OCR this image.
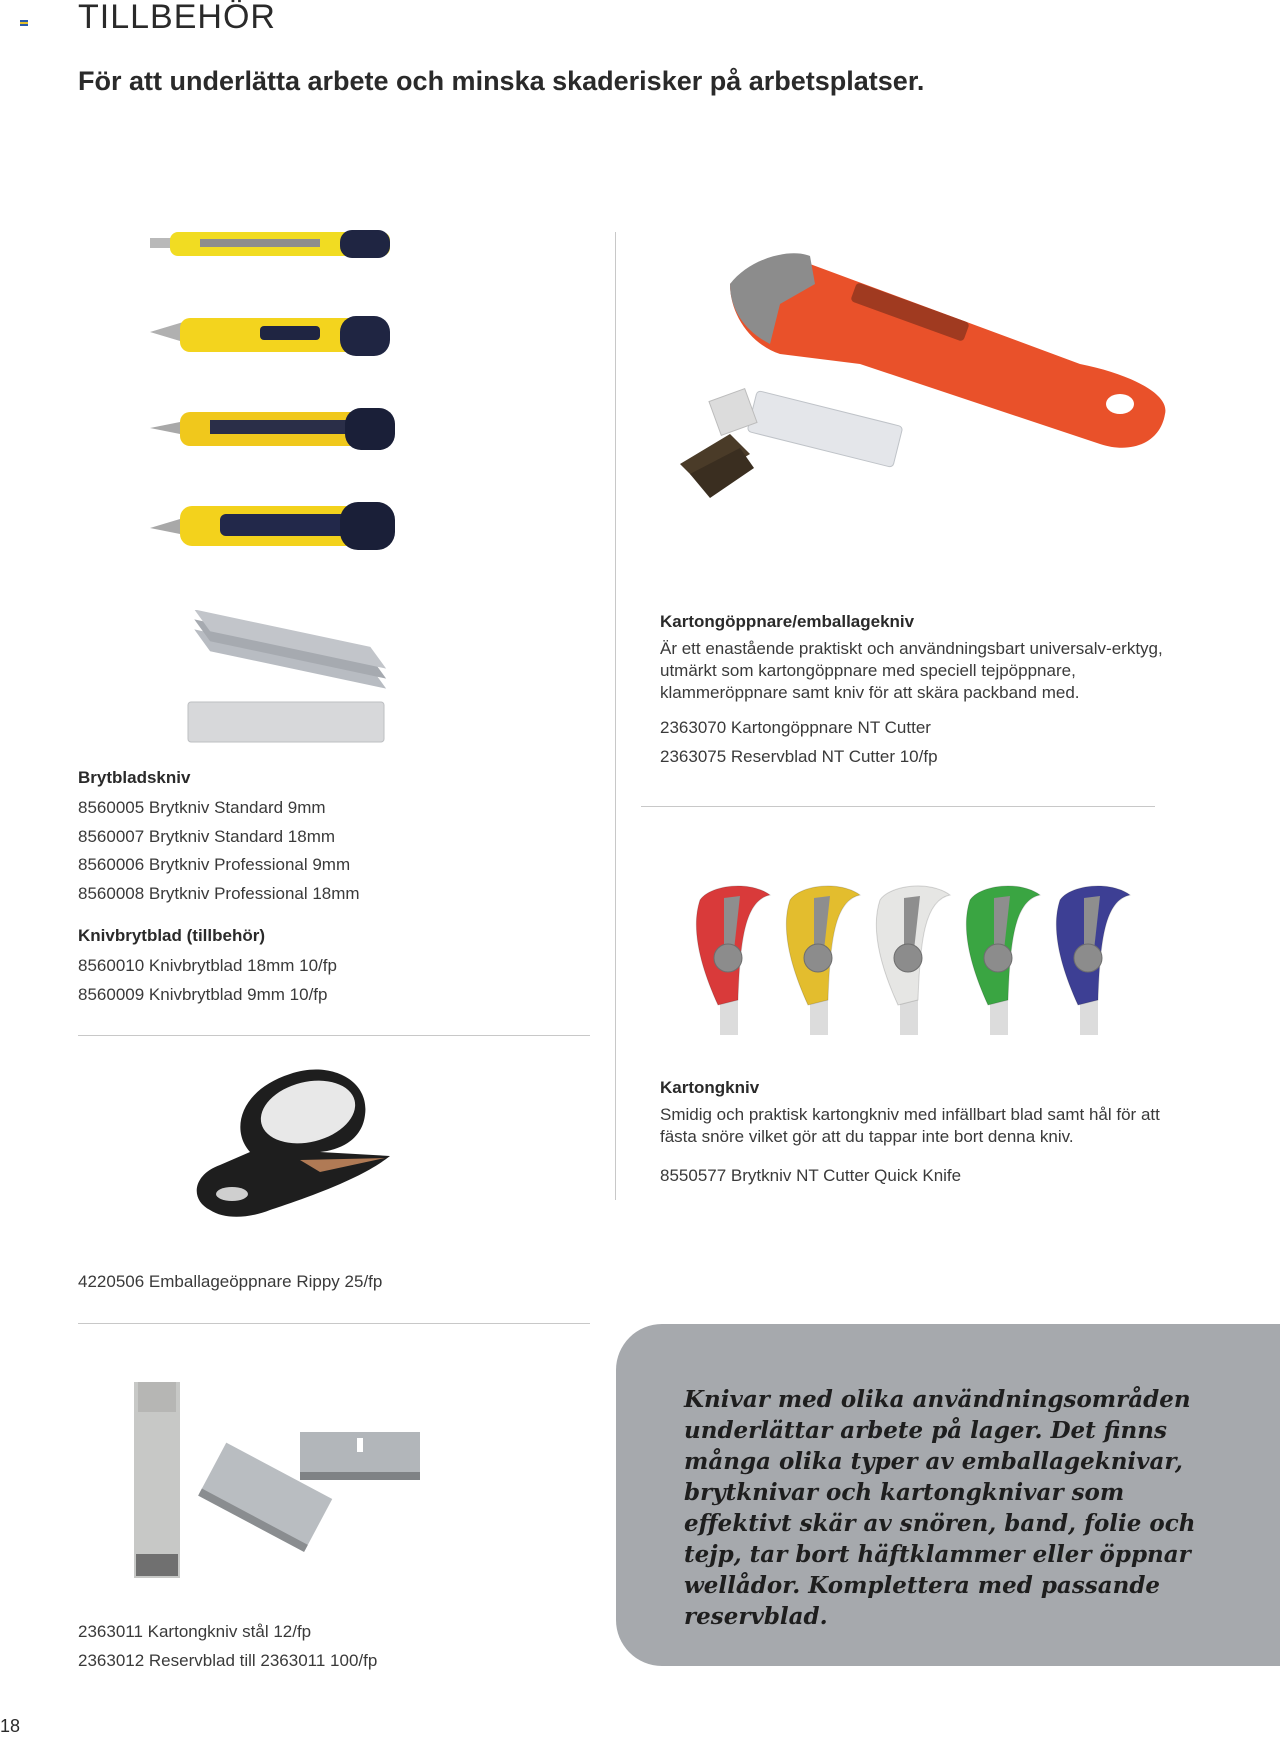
TILLBEHÖR
För att underlätta arbete och minska skaderisker på arbetsplatser.
Brytbladskniv
8560005 Brytkniv Standard 9mm
8560007 Brytkniv Standard 18mm
8560006 Brytkniv Professional 9mm
8560008 Brytkniv Professional 18mm
Knivbrytblad (tillbehör)
8560010 Knivbrytblad 18mm 10/fp
8560009 Knivbrytblad 9mm 10/fp
4220506 Emballageöppnare Rippy 25/fp
2363011 Kartongkniv stål 12/fp
2363012 Reservblad till 2363011 100/fp
Kartongöppnare/emballagekniv
Är ett enastående praktiskt och användningsbart universalv-erktyg, utmärkt som kartongöppnare med speciell tejpöppnare, klammeröppnare samt kniv för att skära packband med.
2363070 Kartongöppnare NT Cutter
2363075 Reservblad NT Cutter 10/fp
Kartongkniv
Smidig och praktisk kartongkniv med infällbart blad samt hål för att fästa snöre vilket gör att du tappar inte bort denna kniv.
8550577 Brytkniv NT Cutter Quick Knife
Knivar med olika användningsområden underlättar arbete på lager. Det finns många olika typer av emballageknivar, brytknivar och kartongknivar som effektivt skär av snören, band, folie och tejp, tar bort häftklammer eller öppnar wellådor. Komplettera med passande reservblad.
18
